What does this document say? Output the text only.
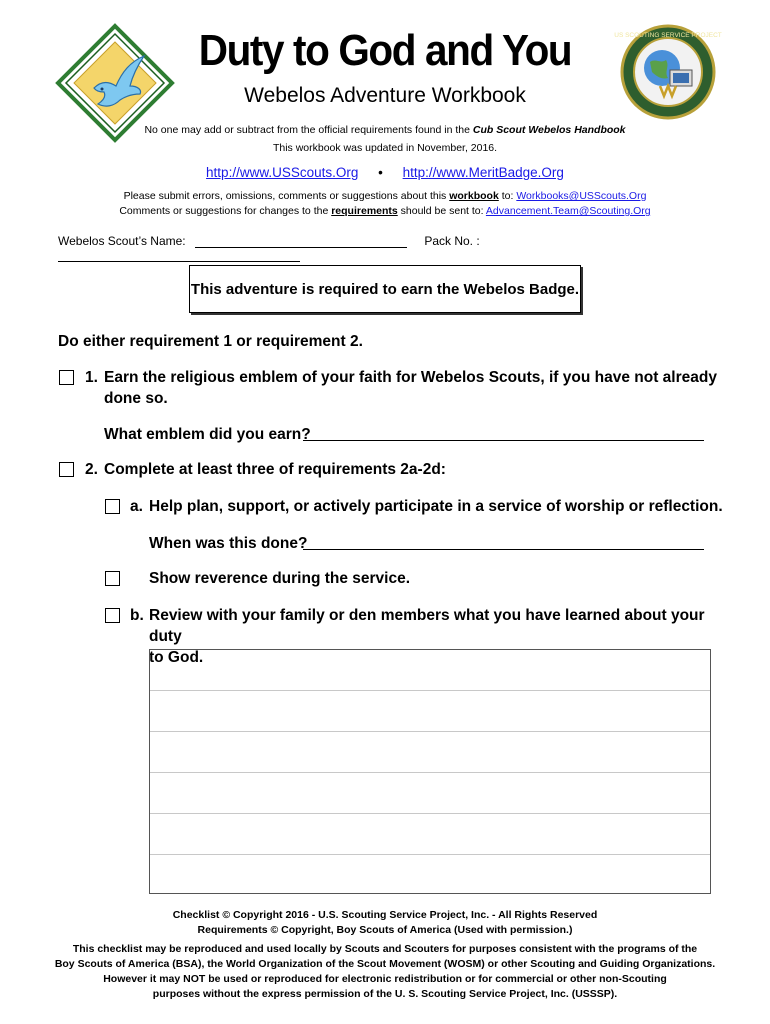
US SCOUTING SERVICE PROJECT
Duty to God and You
Webelos Adventure Workbook
No one may add or subtract from the official requirements found in the Cub Scout Webelos Handbook
This workbook was updated in November, 2016.
http://www.USScouts.Org • http://www.MeritBadge.Org
Please submit errors, omissions, comments or suggestions about this workbook to: Workbooks@USScouts.Org
Comments or suggestions for changes to the requirements should be sent to: Advancement.Team@Scouting.Org
Webelos Scout’s Name:	Pack No. :
This adventure is required to earn the Webelos Badge.
Do either requirement 1 or requirement 2.
1. Earn the religious emblem of your faith for Webelos Scouts, if you have not already
done so.
What emblem did you earn?
2. Complete at least three of requirements 2a-2d:
a. Help plan, support, or actively participate in a service of worship or reflection.
When was this done?
Show reverence during the service.
b. Review with your family or den members what you have learned about your duty
to God.
Checklist © Copyright 2016 - U.S. Scouting Service Project, Inc. - All Rights Reserved
Requirements © Copyright, Boy Scouts of America (Used with permission.)
This checklist may be reproduced and used locally by Scouts and Scouters for purposes consistent with the programs of the
Boy Scouts of America (BSA), the World Organization of the Scout Movement (WOSM) or other Scouting and Guiding Organizations.
However it may NOT be used or reproduced for electronic redistribution or for commercial or other non-Scouting
purposes without the express permission of the U. S. Scouting Service Project, Inc. (USSSP).
